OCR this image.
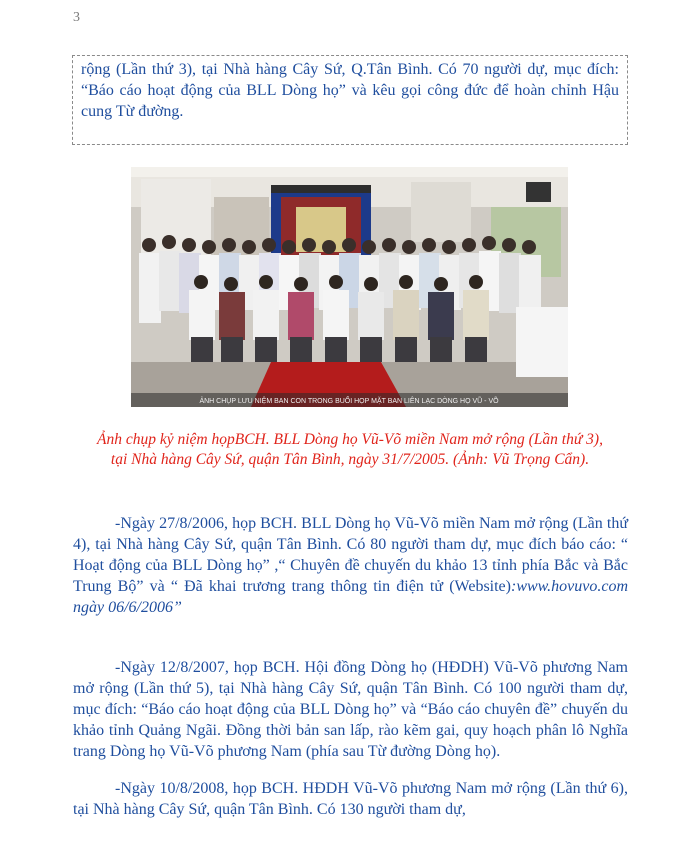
3
rộng (Lần thứ 3), tại Nhà hàng Cây Sứ, Q.Tân Bình. Có 70 người dự, mục đích: “Báo cáo hoạt động của BLL Dòng họ” và kêu gọi công đức để hoàn chỉnh Hậu cung Từ đường.
ẢNH CHỤP LƯU NIỆM BAN CON TRONG BUỔI HỌP MẶT BAN LIÊN LẠC DÒNG HỌ VŨ - VÕ
Ảnh chụp kỷ niệm họpBCH. BLL Dòng họ Vũ-Võ miền Nam mở rộng (Lần thứ 3),
tại Nhà hàng Cây Sứ, quận Tân Bình, ngày 31/7/2005. (Ảnh: Vũ Trọng Cẩn).
-Ngày 27/8/2006, họp BCH. BLL Dòng họ Vũ-Võ miền Nam mở rộng (Lần thứ 4), tại Nhà hàng Cây Sứ, quận Tân Bình. Có 80 người tham dự, mục đích báo cáo: “ Hoạt động của BLL Dòng họ” ,“ Chuyên đề chuyến du khảo 13 tỉnh phía Bắc và Bắc Trung Bộ” và “ Đã khai trương trang thông tin điện tử (Website):www.hovuvo.com ngày 06/6/2006”
-Ngày 12/8/2007, họp BCH. Hội đồng Dòng họ (HĐDH) Vũ-Võ phương Nam mở rộng (Lần thứ 5), tại Nhà hàng Cây Sứ, quận Tân Bình. Có 100 người tham dự, mục đích: “Báo cáo hoạt động của BLL Dòng họ” và “Báo cáo chuyên đề” chuyến du khảo tỉnh Quảng Ngãi. Đồng thời bản san lấp, rào kẽm gai, quy hoạch phân lô Nghĩa trang Dòng họ Vũ-Võ phương Nam (phía sau Từ đường Dòng họ).
-Ngày 10/8/2008, họp BCH. HĐDH Vũ-Võ phương Nam mở rộng (Lần thứ 6), tại Nhà hàng Cây Sứ, quận Tân Bình. Có 130 người tham dự,
